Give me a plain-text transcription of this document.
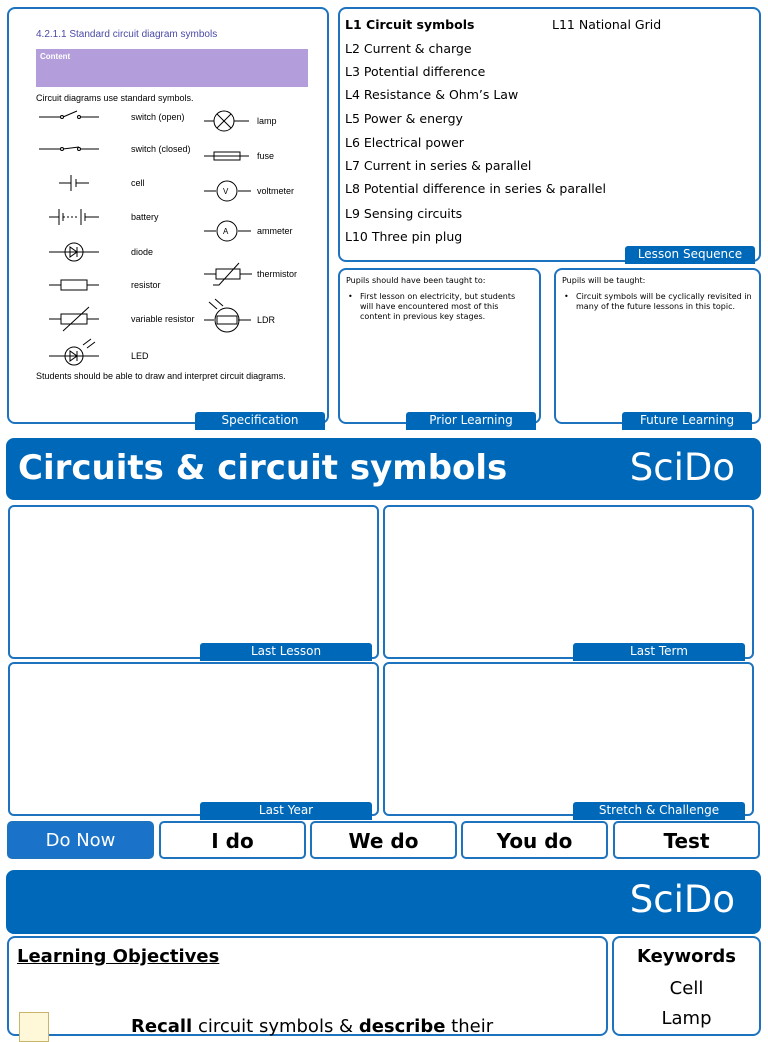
4.2.1.1 Standard circuit diagram symbols
Content
Circuit diagrams use standard symbols.
switch (open)
switch (closed)
cell
battery
diode
resistor
variable resistor
LED
lamp
fuse
voltmeter
ammeter
thermistor
LDR
V
A
Students should be able to draw and interpret circuit diagrams.
Specification
L1 Circuit symbols
L2 Current & charge
L3 Potential difference
L4 Resistance & Ohm’s Law
L5 Power & energy
L6 Electrical power
L7 Current in series & parallel
L8 Potential difference in series & parallel
L9 Sensing circuits
L10 Three pin plug
L11 National Grid
Lesson Sequence
Pupils should have been taught to:
• First lesson on electricity, but students will have encountered most of this content in previous key stages.
Prior Learning
Pupils will be taught:
• Circuit symbols will be cyclically revisited in many of the future lessons in this topic.
Future Learning
Circuits & circuit symbols	SciDo
Last Lesson	Last Term
Last Year	Stretch & Challenge
Do Now	I do	We do	You do	Test
SciDo
Learning Objectives
Recall circuit symbols & describe their
Keywords
Cell
Lamp
